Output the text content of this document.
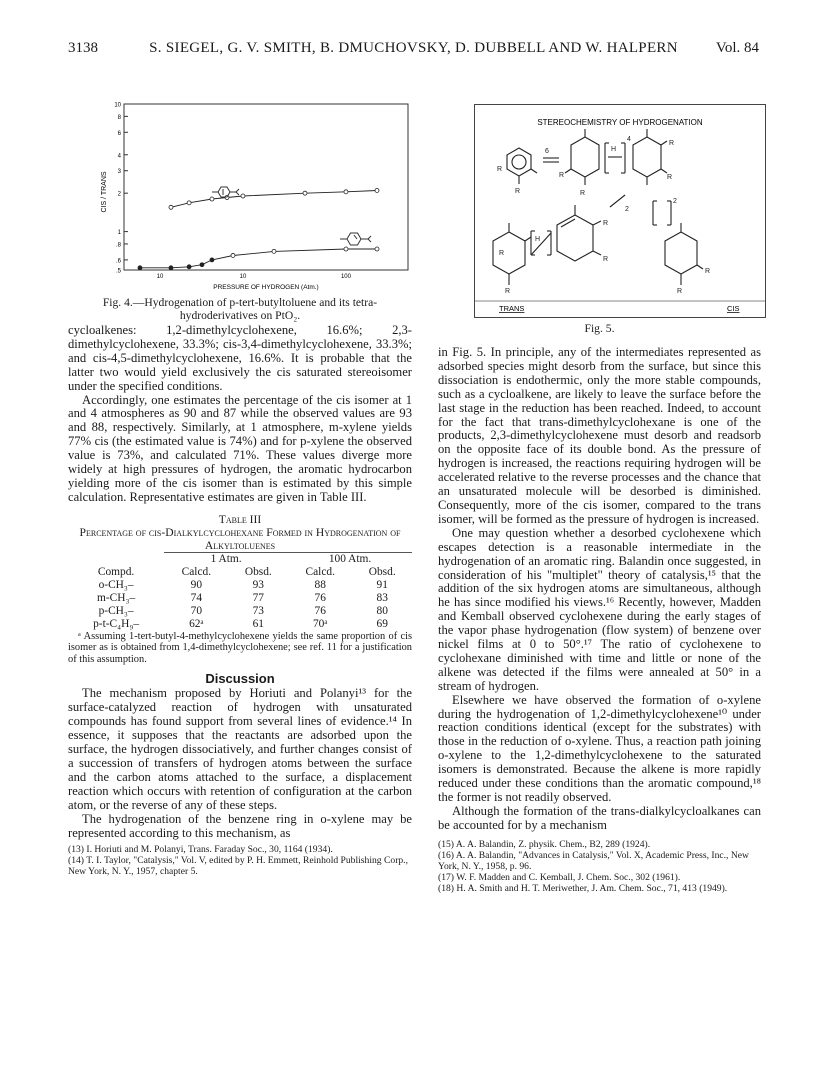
3138	S. SIEGEL, G. V. SMITH, B. DMUCHOVSKY, D. DUBBELL AND W. HALPERN	Vol. 84
10
8
6
4
3
2
1
.8
.6
.5
10	10	100
CIS / TRANS
PRESSURE OF HYDROGEN (Atm.)
Fig. 4.—Hydrogenation of p-tert-butyltoluene and its tetra-hydroderivatives on PtO₂.
STEREOCHEMISTRY OF HYDROGENATION
R
R
6
R
R
H
4
R
R
2
2
H
R
R
R
R
R
R
TRANS	CIS
Fig. 5.

cycloalkenes: 1,2-dimethylcyclohexene, 16.6%; 2,3-dimethylcyclohexene, 33.3%; cis-3,4-dimethylcyclohexene, 33.3%; and cis-4,5-dimethylcyclohexene, 16.6%. It is probable that the latter two would yield exclusively the cis saturated stereoisomer under the specified conditions.

Accordingly, one estimates the percentage of the cis isomer at 1 and 4 atmospheres as 90 and 87 while the observed values are 93 and 88, respectively. Similarly, at 1 atmosphere, m-xylene yields 77% cis (the estimated value is 74%) and for p-xylene the observed value is 73%, and calculated 71%. These values diverge more widely at high pressures of hydrogen, the aromatic hydrocarbon yielding more of the cis isomer than is estimated by this simple calculation. Representative estimates are given in Table III.

Table III
Percentage of cis-Dialkylcyclohexane Formed in Hydrogenation of Alkyltoluenes
	1 Atm.		100 Atm.	
Compd.	Calcd.	Obsd.	Calcd.	Obsd.
o-CH₃–	90	93	88	91
m-CH₃–	74	77	76	83
p-CH₃–	70	73	76	80
p-t-C₄H₉–	62ᵃ	61	70ᵃ	69
ᵃ Assuming 1-tert-butyl-4-methylcyclohexene yields the same proportion of cis isomer as is obtained from 1,4-dimethylcyclohexene; see ref. 11 for a justification of this assumption.
Discussion

The mechanism proposed by Horiuti and Polanyi¹³ for the surface-catalyzed reaction of hydrogen with unsaturated compounds has found support from several lines of evidence.¹⁴ In essence, it supposes that the reactants are adsorbed upon the surface, the hydrogen dissociatively, and further changes consist of a succession of transfers of hydrogen atoms between the surface and the carbon atoms attached to the surface, a displacement reaction which occurs with retention of configuration at the carbon atom, or the reverse of any of these steps.

The hydrogenation of the benzene ring in o-xylene may be represented according to this mechanism, as

(13) I. Horiuti and M. Polanyi, Trans. Faraday Soc., 30, 1164 (1934).

(14) T. I. Taylor, "Catalysis," Vol. V, edited by P. H. Emmett, Reinhold Publishing Corp., New York, N. Y., 1957, chapter 5.

in Fig. 5. In principle, any of the intermediates represented as adsorbed species might desorb from the surface, but since this dissociation is endothermic, only the more stable compounds, such as a cycloalkene, are likely to leave the surface before the last stage in the reduction has been reached. Indeed, to account for the fact that trans-dimethylcyclohexane is one of the products, 2,3-dimethylcyclohexene must desorb and readsorb on the opposite face of its double bond. As the pressure of hydrogen is increased, the reactions requiring hydrogen will be accelerated relative to the reverse processes and the chance that an unsaturated molecule will be desorbed is diminished. Consequently, more of the cis isomer, compared to the trans isomer, will be formed as the pressure of hydrogen is increased.

One may question whether a desorbed cyclohexene which escapes detection is a reasonable intermediate in the hydrogenation of an aromatic ring. Balandin once suggested, in consideration of his "multiplet" theory of catalysis,¹⁵ that the addition of the six hydrogen atoms are simultaneous, although he has since modified his views.¹⁶ Recently, however, Madden and Kemball observed cyclohexene during the early stages of the vapor phase hydrogenation (flow system) of benzene over nickel films at 0 to 50°.¹⁷ The ratio of cyclohexene to cyclohexane diminished with time and little or none of the alkene was detected if the films were annealed at 50° in a stream of hydrogen.

Elsewhere we have observed the formation of o-xylene during the hydrogenation of 1,2-dimethylcyclohexene¹⁰ under reaction conditions identical (except for the substrates) with those in the reduction of o-xylene. Thus, a reaction path joining o-xylene to the 1,2-dimethylcyclohexene to the saturated isomers is demonstrated. Because the alkene is more rapidly reduced under these conditions than the aromatic compound,¹⁸ the former is not readily observed.

Although the formation of the trans-dialkylcycloalkanes can be accounted for by a mechanism

(15) A. A. Balandin, Z. physik. Chem., B2, 289 (1924).

(16) A. A. Balandin, "Advances in Catalysis," Vol. X, Academic Press, Inc., New York, N. Y., 1958, p. 96.

(17) W. F. Madden and C. Kemball, J. Chem. Soc., 302 (1961).

(18) H. A. Smith and H. T. Meriwether, J. Am. Chem. Soc., 71, 413 (1949).
